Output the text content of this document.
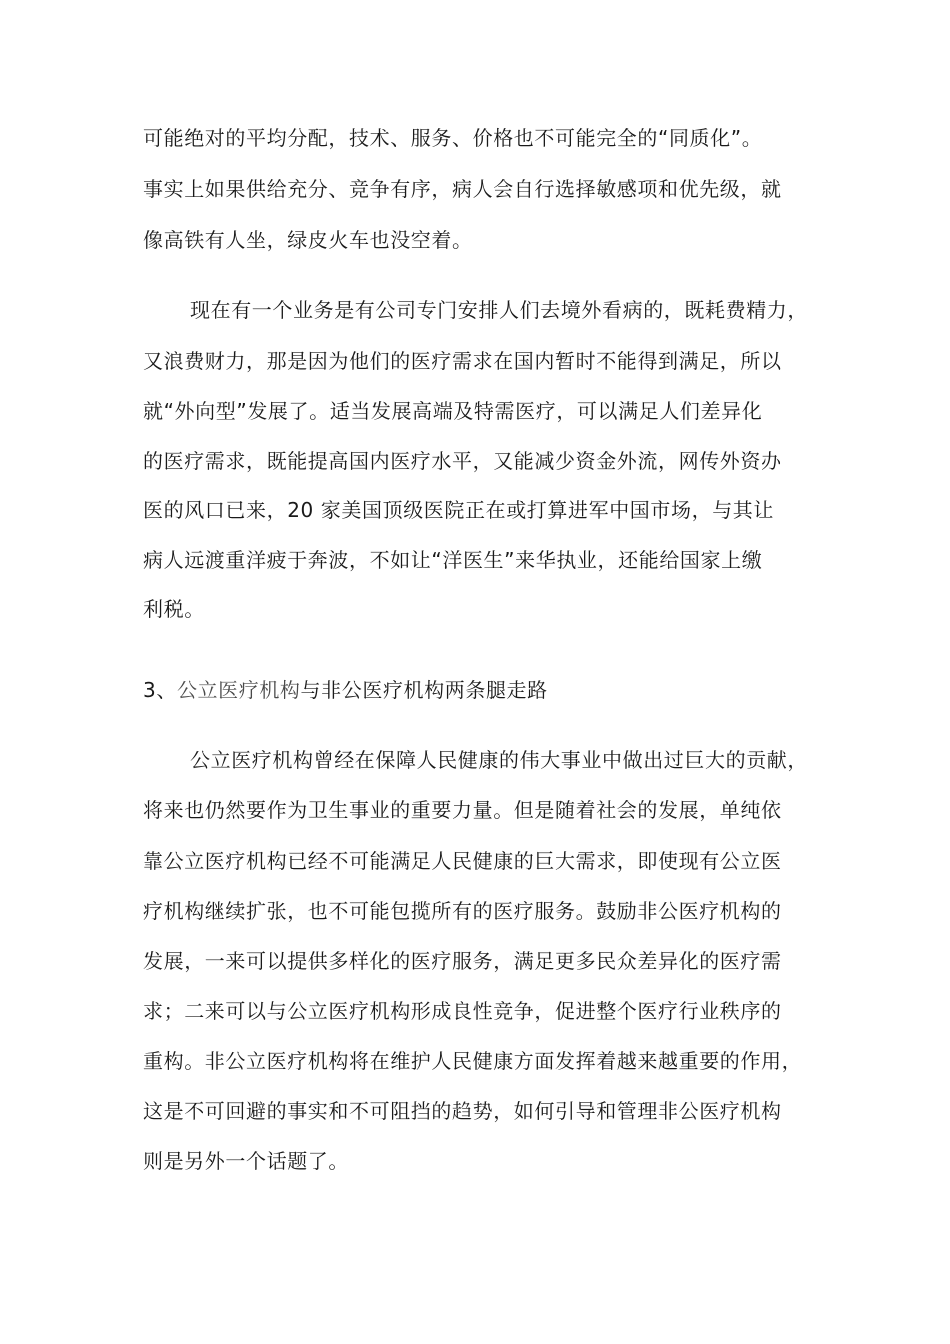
可能绝对的平均分配，技术、服务、价格也不可能完全的“同质化”。
事实上如果供给充分、竞争有序，病人会自行选择敏感项和优先级，就
像高铁有人坐，绿皮火车也没空着。
现在有一个业务是有公司专门安排人们去境外看病的，既耗费精力，
又浪费财力，那是因为他们的医疗需求在国内暂时不能得到满足，所以
就“外向型”发展了。适当发展高端及特需医疗，可以满足人们差异化
的医疗需求，既能提高国内医疗水平，又能减少资金外流，网传外资办
医的风口已来，20 家美国顶级医院正在或打算进军中国市场，与其让
病人远渡重洋疲于奔波，不如让“洋医生”来华执业，还能给国家上缴
利税。
3、公立医疗机构与非公医疗机构两条腿走路
公立医疗机构曾经在保障人民健康的伟大事业中做出过巨大的贡献，
将来也仍然要作为卫生事业的重要力量。但是随着社会的发展，单纯依
靠公立医疗机构已经不可能满足人民健康的巨大需求，即使现有公立医
疗机构继续扩张，也不可能包揽所有的医疗服务。鼓励非公医疗机构的
发展，一来可以提供多样化的医疗服务，满足更多民众差异化的医疗需
求；二来可以与公立医疗机构形成良性竞争，促进整个医疗行业秩序的
重构。非公立医疗机构将在维护人民健康方面发挥着越来越重要的作用，
这是不可回避的事实和不可阻挡的趋势，如何引导和管理非公医疗机构
则是另外一个话题了。
